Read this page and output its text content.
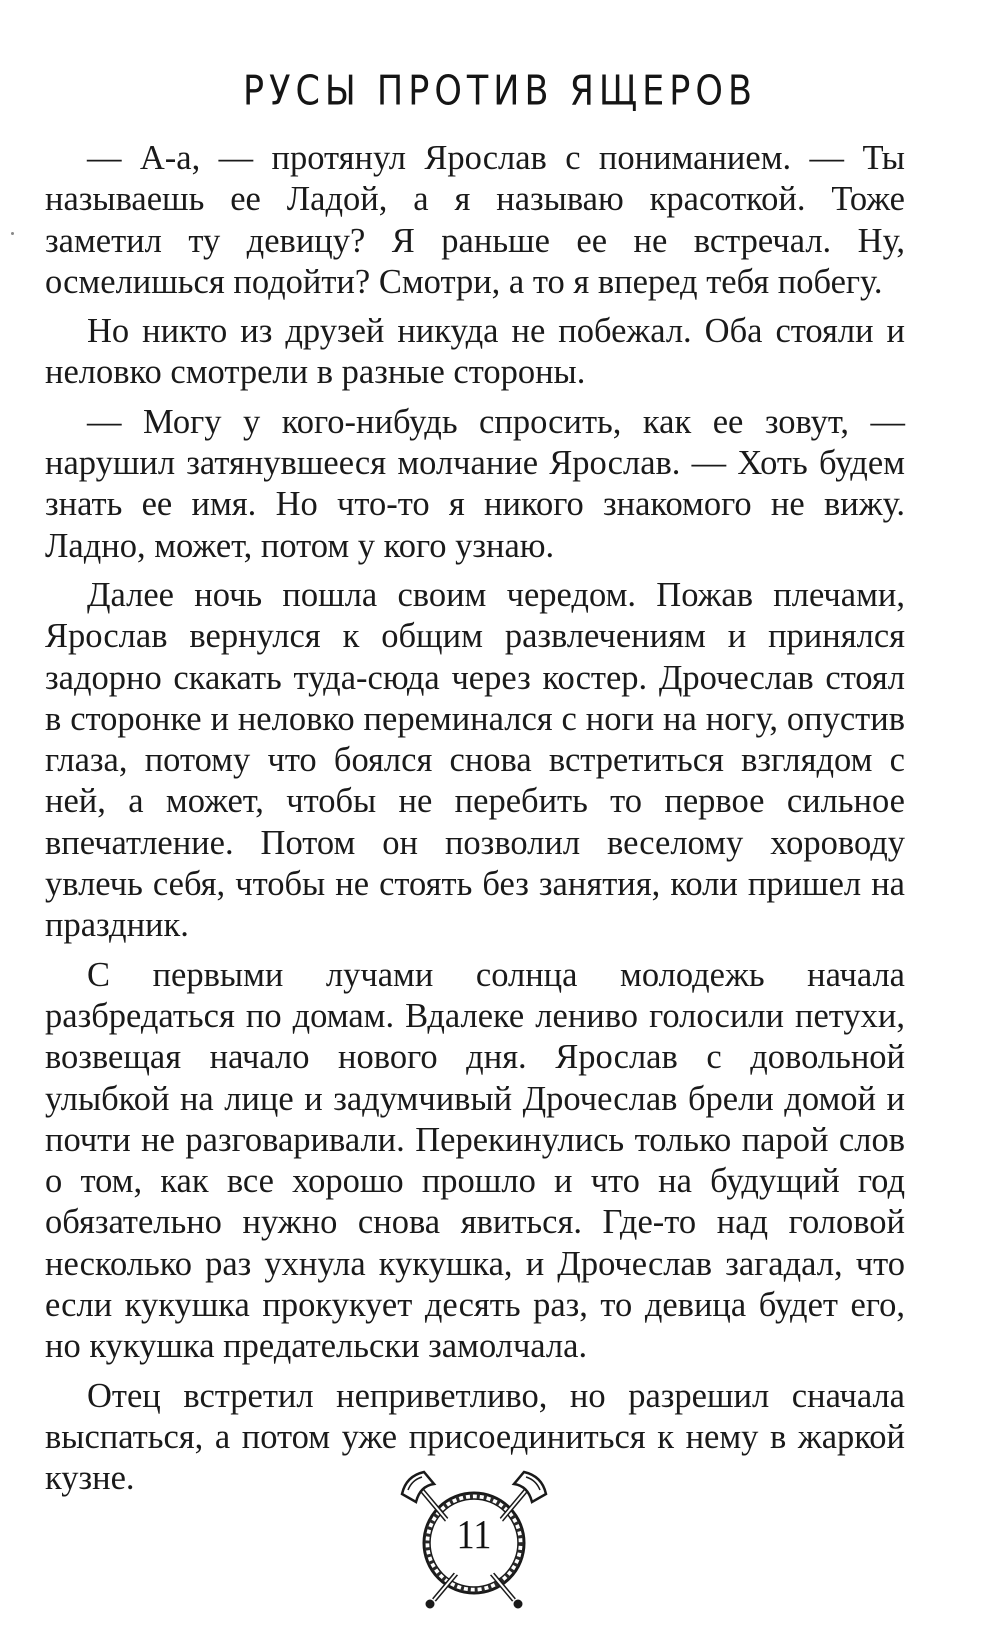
РУСЫ ПРОТИВ ЯЩЕРОВ

— А-а, — протянул Ярослав с пониманием. — Ты называешь ее Ладой, а я называю красоткой. Тоже заметил ту девицу? Я раньше ее не встречал. Ну, осмелишься подойти? Смотри, а то я вперед тебя побегу.

Но никто из друзей никуда не побежал. Оба стояли и неловко смотрели в разные стороны.

— Могу у кого-нибудь спросить, как ее зовут, — нарушил затянувшееся молчание Ярослав. — Хоть будем знать ее имя. Но что-то я никого знакомого не вижу. Ладно, может, потом у кого узнаю.

Далее ночь пошла своим чередом. Пожав плечами, Ярослав вернулся к общим развлечениям и принялся задорно скакать туда-сюда через костер. Дрочеслав стоял в сторонке и неловко переминался с ноги на ногу, опустив глаза, потому что боялся снова встретиться взглядом с ней, а может, чтобы не перебить то первое сильное впечатление. Потом он позволил веселому хороводу увлечь себя, чтобы не стоять без занятия, коли пришел на праздник.

С первыми лучами солнца молодежь начала разбредаться по домам. Вдалеке лениво голосили петухи, возвещая начало нового дня. Ярослав с довольной улыбкой на лице и задумчивый Дрочеслав брели домой и почти не разговаривали. Перекинулись только парой слов о том, как все хорошо прошло и что на будущий год обязательно нужно снова явиться. Где-то над головой несколько раз ухнула кукушка, и Дрочеслав загадал, что если кукушка прокукует десять раз, то девица будет его, но кукушка предательски замолчала.

Отец встретил неприветливо, но разрешил сначала выспаться, а потом уже присоединиться к нему в жаркой кузне.

11
